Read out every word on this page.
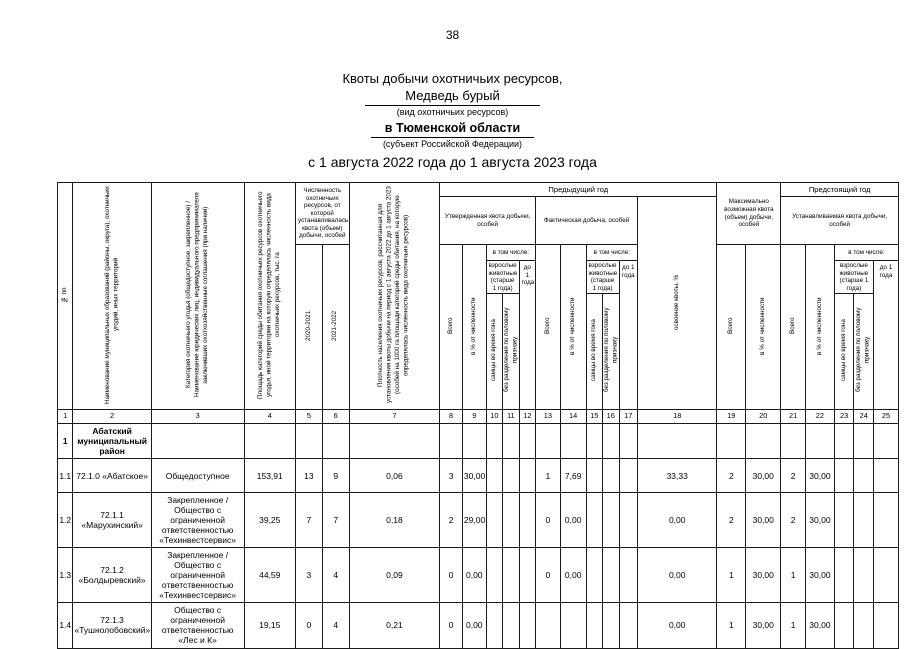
38
Квоты добычи охотничьих ресурсов,
Медведь бурый
(вид охотничьих ресурсов)
в Тюменской области
(субъект Российской Федерации)
с 1 августа 2022 года до 1 августа 2023 года
№ пп	Наименование муниципальных образований (районы, округа), охотничьих угодий, иных территорий	Категория охотничьего угодья (общедоступное, закрепленное) / Наименование юридических лиц, индивидуального предпринимателя заключивших охотхозяйственные соглашения (при наличии)	Площадь категорий среды обитания охотничьих ресурсов охотничьего угодья, иной территории на которую определялась численность вида охотничьих ресурсов, тыс. га	Численность охотничьих ресурсов, от которой устанавливалась квота (объем) добычи, особей		Плотность населения охотничьих ресурсов, рассчитанная для установления квоты добычи на период с 1 августа 2022 до 1 августа 2023 (особей на 1000 га площади категорий среды обитания, на которую определялась численность вида охотничьих ресурсов)	Предыдущий год											Максимально возможная квота (объем) добычи, особей		Предстоящий год				
							Утвержденная квота добычи, особей					Фактическая добыча, особей					освоение квоты, %			Устанавливаемая квота добычи, особей				
				2020-2021	2021-2022		Всего	в % от численности	в том числе:			Всего	в % от численности	в том числе:				Всего	в % от численности	Всего	в % от численности	в том числе:		
									взрослые животные (старше 1 года)		до 1 года			взрослые животные (старше 1 года)		до 1 года						взрослые животные (старше 1 года)		до 1 года
									самцы во время гона	без разделения по половому признаку				самцы во время гона	без разделения по половому признаку							самцы во время гона	без разделения по половому признаку	
1	2	3	4	5	6	7	8	9	10	11	12	13	14	15	16	17	18	19	20	21	22	23	24	25
1	Абатский муниципальный район																							
1.1	72.1.0 «Абатское»	Общедоступное	153,91	13	9	0,06	3	30,00				1	7,69				33,33	2	30,00	2	30,00			
1.2	72.1.1 «Марухинский»	Закрепленное / Общество с ограниченной ответственностью «Техинвестсервис»	39,25	7	7	0,18	2	29,00				0	0,00				0,00	2	30,00	2	30,00			
1.3	72.1.2 «Болдыревский»	Закрепленное / Общество с ограниченной ответственностью «Техинвестсервис»	44,59	3	4	0,09	0	0,00				0	0,00				0,00	1	30,00	1	30,00			
1.4	72.1.3 «Тушнолобовский»	Общество с ограниченной ответственностью «Лес и К»	19,15	0	4	0,21	0	0,00									0,00	1	30,00	1	30,00			
